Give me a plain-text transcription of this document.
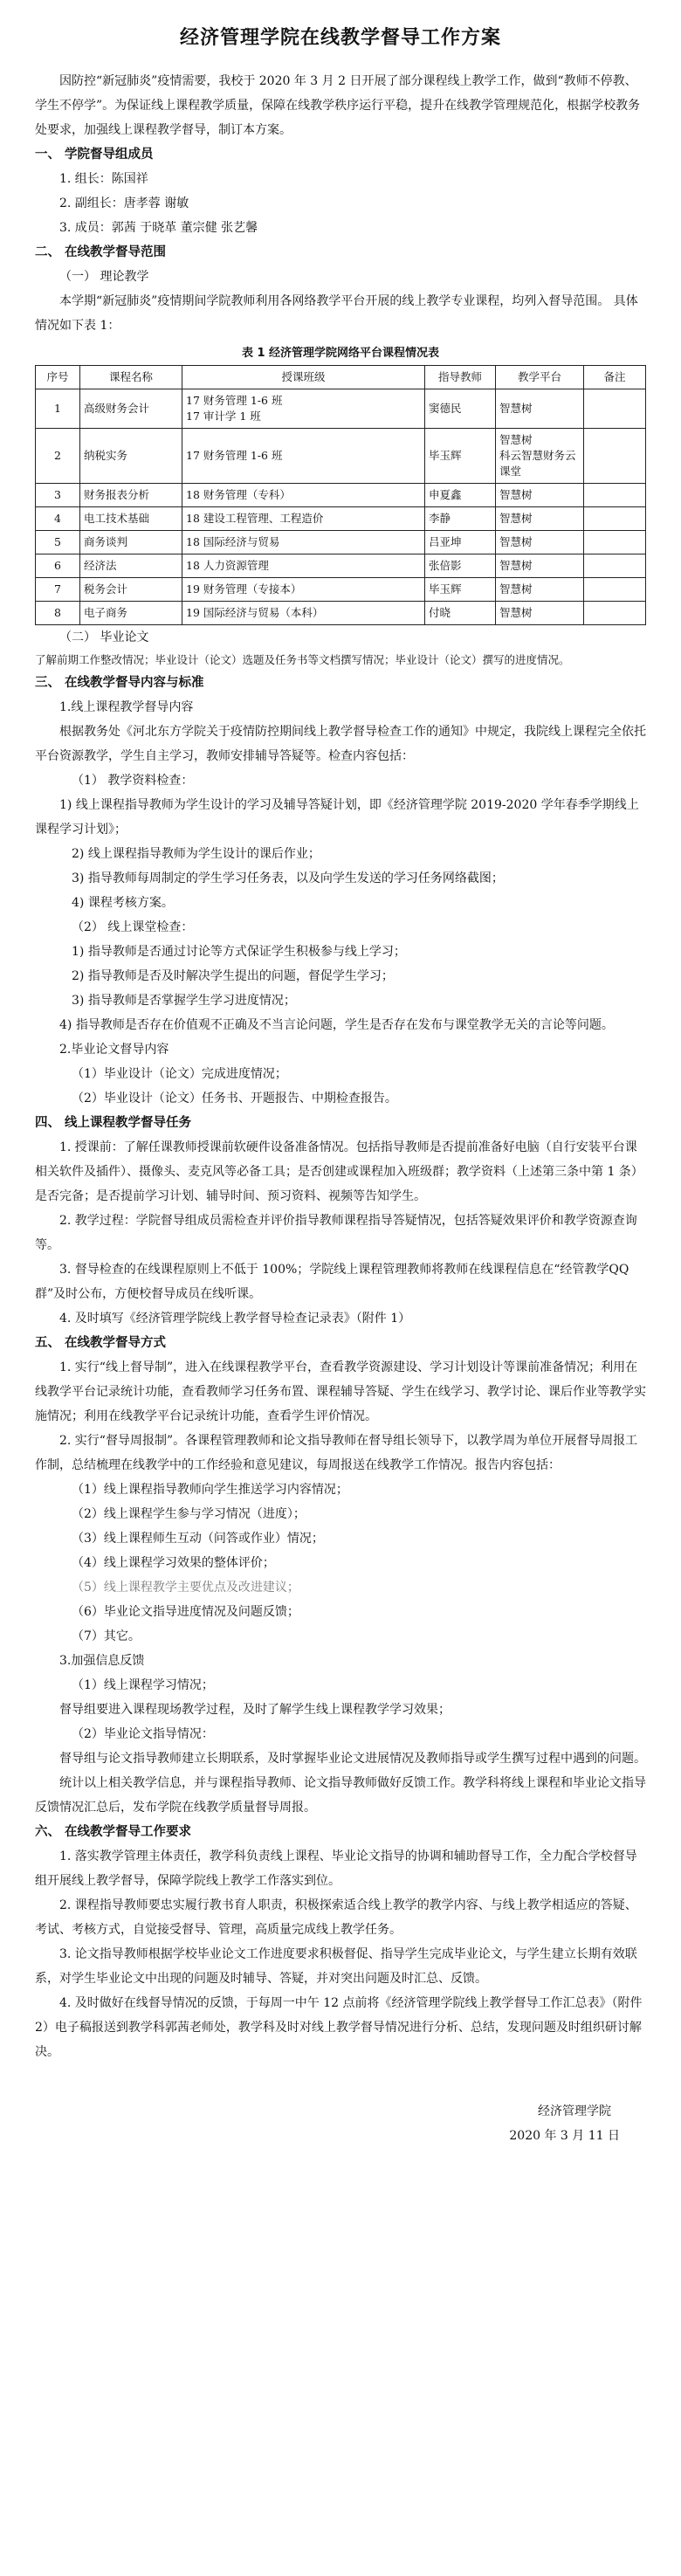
经济管理学院在线教学督导工作方案

因防控“新冠肺炎”疫情需要，我校于 2020 年 3 月 2 日开展了部分课程线上教学工作，做到“教师不停教、学生不停学”。为保证线上课程教学质量，保障在线教学秩序运行平稳，提升在线教学管理规范化，根据学校教务处要求，加强线上课程教学督导，制订本方案。

一、 学院督导组成员

1. 组长：陈国祥

2. 副组长：唐孝蓉 谢敏

3. 成员：郭茜 于晓革 董宗健 张艺馨

二、 在线教学督导范围

（一） 理论教学

本学期“新冠肺炎”疫情期间学院教师利用各网络教学平台开展的线上教学专业课程，均列入督导范围。 具体情况如下表 1：

表 1 经济管理学院网络平台课程情况表
序号	课程名称	授课班级	指导教师	教学平台	备注
1	高级财务会计	17 财务管理 1-6 班
17 审计学 1 班	窦德民	智慧树	
2	纳税实务	17 财务管理 1-6 班	毕玉辉	智慧树
科云智慧财务云课堂	
3	财务报表分析	18 财务管理（专科）	申夏鑫	智慧树	
4	电工技术基础	18 建设工程管理、工程造价	李静	智慧树	
5	商务谈判	18 国际经济与贸易	吕亚坤	智慧树	
6	经济法	18 人力资源管理	张倍影	智慧树	
7	税务会计	19 财务管理（专接本）	毕玉辉	智慧树	
8	电子商务	19 国际经济与贸易（本科）	付晓	智慧树	

（二） 毕业论文

了解前期工作整改情况；毕业设计（论文）选题及任务书等文档撰写情况；毕业设计（论文）撰写的进度情况。

三、 在线教学督导内容与标准

1.线上课程教学督导内容

根据教务处《河北东方学院关于疫情防控期间线上教学督导检查工作的通知》中规定，我院线上课程完全依托平台资源教学，学生自主学习，教师安排辅导答疑等。检查内容包括：

（1） 教学资料检查：

1) 线上课程指导教师为学生设计的学习及辅导答疑计划，即《经济管理学院 2019-2020 学年春季学期线上课程学习计划》；

2) 线上课程指导教师为学生设计的课后作业；

3) 指导教师每周制定的学生学习任务表，以及向学生发送的学习任务网络截图；

4) 课程考核方案。

（2） 线上课堂检查：

1) 指导教师是否通过讨论等方式保证学生积极参与线上学习；

2) 指导教师是否及时解决学生提出的问题，督促学生学习；

3) 指导教师是否掌握学生学习进度情况；

4) 指导教师是否存在价值观不正确及不当言论问题，学生是否存在发布与课堂教学无关的言论等问题。

2.毕业论文督导内容

（1）毕业设计（论文）完成进度情况；

（2）毕业设计（论文）任务书、开题报告、中期检查报告。

四、 线上课程教学督导任务

1. 授课前：了解任课教师授课前软硬件设备准备情况。包括指导教师是否提前准备好电脑（自行安装平台课相关软件及插件）、摄像头、麦克风等必备工具；是否创建或课程加入班级群；教学资料（上述第三条中第 1 条）是否完备；是否提前学习计划、辅导时间、预习资料、视频等告知学生。

2. 教学过程：学院督导组成员需检查并评价指导教师课程指导答疑情况，包括答疑效果评价和教学资源查询等。

3. 督导检查的在线课程原则上不低于 100%；学院线上课程管理教师将教师在线课程信息在“经管教学QQ群”及时公布，方便校督导成员在线听课。

4. 及时填写《经济管理学院线上教学督导检查记录表》（附件 1）

五、 在线教学督导方式

1. 实行“线上督导制”，进入在线课程教学平台，查看教学资源建设、学习计划设计等课前准备情况；利用在线教学平台记录统计功能，查看教师学习任务布置、课程辅导答疑、学生在线学习、教学讨论、课后作业等教学实施情况；利用在线教学平台记录统计功能，查看学生评价情况。

2. 实行“督导周报制”。各课程管理教师和论文指导教师在督导组长领导下，以教学周为单位开展督导周报工作制，总结梳理在线教学中的工作经验和意见建议，每周报送在线教学工作情况。报告内容包括：

（1）线上课程指导教师向学生推送学习内容情况；

（2）线上课程学生参与学习情况（进度）；

（3）线上课程师生互动（问答或作业）情况；

（4）线上课程学习效果的整体评价；

（5）线上课程教学主要优点及改进建议；

（6）毕业论文指导进度情况及问题反馈；

（7）其它。

3.加强信息反馈

（1）线上课程学习情况；

督导组要进入课程现场教学过程，及时了解学生线上课程教学学习效果；

（2）毕业论文指导情况：

督导组与论文指导教师建立长期联系，及时掌握毕业论文进展情况及教师指导或学生撰写过程中遇到的问题。

统计以上相关教学信息，并与课程指导教师、论文指导教师做好反馈工作。教学科将线上课程和毕业论文指导反馈情况汇总后，发布学院在线教学质量督导周报。

六、 在线教学督导工作要求

1. 落实教学管理主体责任，教学科负责线上课程、毕业论文指导的协调和辅助督导工作，全力配合学校督导组开展线上教学督导，保障学院线上教学工作落实到位。

2. 课程指导教师要忠实履行教书育人职责，积极探索适合线上教学的教学内容、与线上教学相适应的答疑、考试、考核方式，自觉接受督导、管理，高质量完成线上教学任务。

3. 论文指导教师根据学校毕业论文工作进度要求积极督促、指导学生完成毕业论文，与学生建立长期有效联系，对学生毕业论文中出现的问题及时辅导、答疑，并对突出问题及时汇总、反馈。

4. 及时做好在线督导情况的反馈，于每周一中午 12 点前将《经济管理学院线上教学督导工作汇总表》（附件 2）电子稿报送到教学科郭茜老师处，教学科及时对线上教学督导情况进行分析、总结，发现问题及时组织研讨解决。

经济管理学院

2020 年 3 月 11 日
